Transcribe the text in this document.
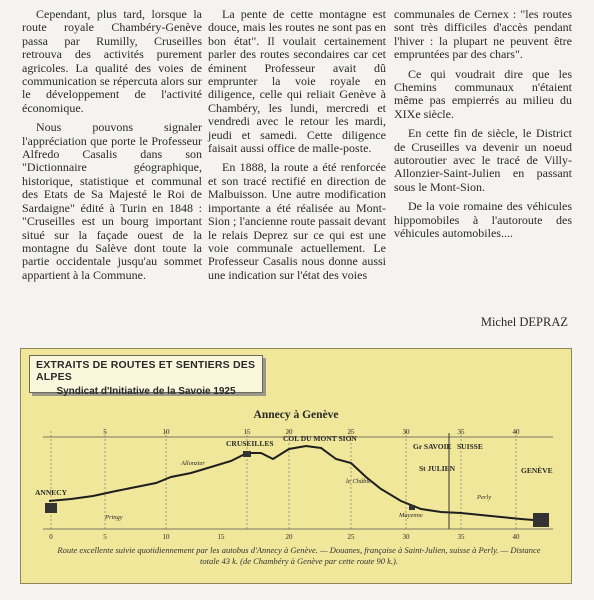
Cependant, plus tard, lorsque la route royale Chambéry-Genève passa par Rumilly, Cruseilles retrouva des activités purement agricoles. La qualité des voies de communication se répercuta alors sur le développement de l'activité économique.

Nous pouvons signaler l'appréciation que porte le Professeur Alfredo Casalis dans son "Dictionnaire géographique, historique, statistique et communal des Etats de Sa Majesté le Roi de Sardaigne" édité à Turin en 1848 : "Cruseilles est un bourg important situé sur la façade ouest de la montagne du Salève dont toute la partie occidentale jusqu'au sommet appartient à la Commune.

La pente de cette montagne est douce, mais les routes ne sont pas en bon état". Il voulait certainement parler des routes secondaires car cet éminent Professeur avait dû emprunter la voie royale en diligence, celle qui reliait Genève à Chambéry, les lundi, mercredi et vendredi avec le retour les mardi, jeudi et samedi. Cette diligence faisait aussi office de malle-poste.

En 1888, la route a été renforcée et son tracé rectifié en direction de Malbuisson. Une autre modification importante a été réalisée au Mont-Sion ; l'ancienne route passait devant le relais Deprez sur ce qui est une voie communale actuellement. Le Professeur Casalis nous donne aussi une indication sur l'état des voies

communales de Cernex : "les routes sont très difficiles d'accès pendant l'hiver : la plupart ne peuvent être empruntées par des chars".

Ce qui voudrait dire que les Chemins communaux n'étaient même pas empierrés au milieu du XIXe siècle.

En cette fin de siècle, le District de Cruseilles va devenir un noeud autoroutier avec le tracé de Villy-Allonzier-Saint-Julien en passant sous le Mont-Sion.

De la voie romaine des véhicules hippomobiles à l'autoroute des véhicules automobiles....

Michel DEPRAZ
EXTRAITS DE ROUTES ET SENTIERS DES ALPES
Syndicat d'Initiative de la Savoie 1925
Annecy à Genève
5	10	15	20	25	30	35	40
0	5	10	15	20	25	30	35	40
ANNECY
CRUSEILLES
COL DU MONT SION
Gr SAVOIE SUISSE
St JULIEN	GENÈVE
le Châble
Mayenne
Perly
Pringy
Allonzier
Route excellente suivie quotidiennement par les autobus d'Annecy à Genève. — Douanes, française à Saint-Julien, suisse à Perly. — Distance totale 43 k. (de Chambéry à Genève par cette route 90 k.).
